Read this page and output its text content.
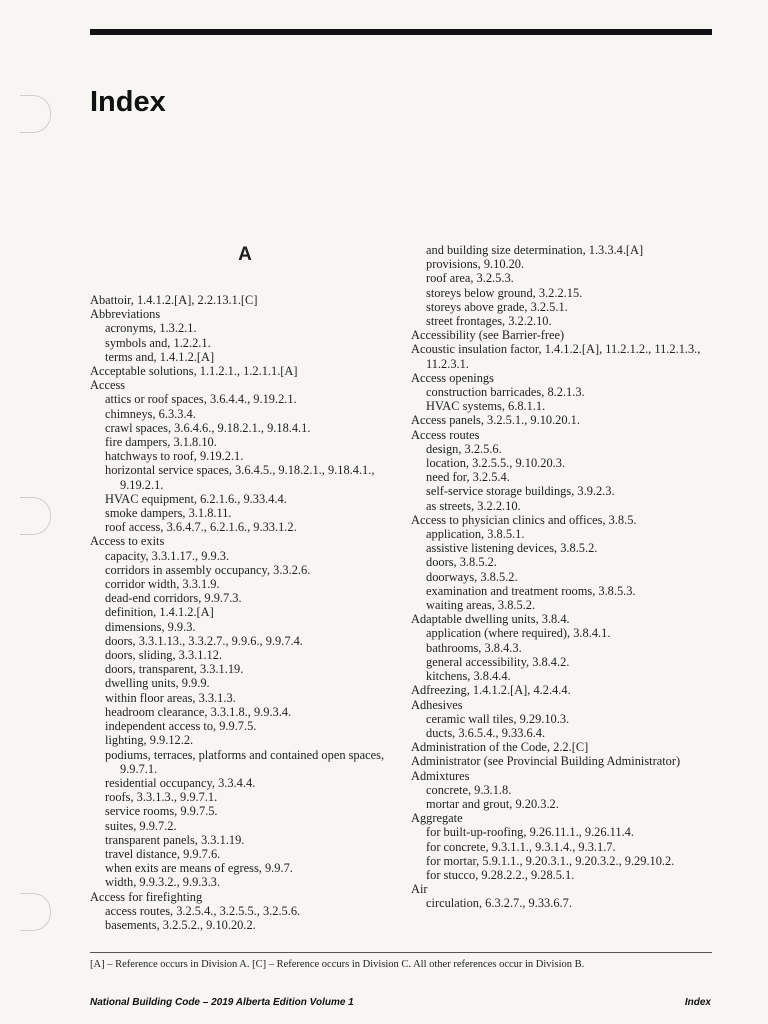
Index
A
Abattoir, 1.4.1.2.[A], 2.2.13.1.[C]
Abbreviations
acronyms, 1.3.2.1.
symbols and, 1.2.2.1.
terms and, 1.4.1.2.[A]
Acceptable solutions, 1.1.2.1., 1.2.1.1.[A]
Access
attics or roof spaces, 3.6.4.4., 9.19.2.1.
chimneys, 6.3.3.4.
crawl spaces, 3.6.4.6., 9.18.2.1., 9.18.4.1.
fire dampers, 3.1.8.10.
hatchways to roof, 9.19.2.1.
horizontal service spaces, 3.6.4.5., 9.18.2.1., 9.18.4.1., 9.19.2.1.
HVAC equipment, 6.2.1.6., 9.33.4.4.
smoke dampers, 3.1.8.11.
roof access, 3.6.4.7., 6.2.1.6., 9.33.1.2.
Access to exits
capacity, 3.3.1.17., 9.9.3.
corridors in assembly occupancy, 3.3.2.6.
corridor width, 3.3.1.9.
dead-end corridors, 9.9.7.3.
definition, 1.4.1.2.[A]
dimensions, 9.9.3.
doors, 3.3.1.13., 3.3.2.7., 9.9.6., 9.9.7.4.
doors, sliding, 3.3.1.12.
doors, transparent, 3.3.1.19.
dwelling units, 9.9.9.
within floor areas, 3.3.1.3.
headroom clearance, 3.3.1.8., 9.9.3.4.
independent access to, 9.9.7.5.
lighting, 9.9.12.2.
podiums, terraces, platforms and contained open spaces, 9.9.7.1.
residential occupancy, 3.3.4.4.
roofs, 3.3.1.3., 9.9.7.1.
service rooms, 9.9.7.5.
suites, 9.9.7.2.
transparent panels, 3.3.1.19.
travel distance, 9.9.7.6.
when exits are means of egress, 9.9.7.
width, 9.9.3.2., 9.9.3.3.
Access for firefighting
access routes, 3.2.5.4., 3.2.5.5., 3.2.5.6.
basements, 3.2.5.2., 9.10.20.2.
and building size determination, 1.3.3.4.[A]
provisions, 9.10.20.
roof area, 3.2.5.3.
storeys below ground, 3.2.2.15.
storeys above grade, 3.2.5.1.
street frontages, 3.2.2.10.
Accessibility (see Barrier-free)
Acoustic insulation factor, 1.4.1.2.[A], 11.2.1.2., 11.2.1.3., 11.2.3.1.
Access openings
construction barricades, 8.2.1.3.
HVAC systems, 6.8.1.1.
Access panels, 3.2.5.1., 9.10.20.1.
Access routes
design, 3.2.5.6.
location, 3.2.5.5., 9.10.20.3.
need for, 3.2.5.4.
self-service storage buildings, 3.9.2.3.
as streets, 3.2.2.10.
Access to physician clinics and offices, 3.8.5.
application, 3.8.5.1.
assistive listening devices, 3.8.5.2.
doors, 3.8.5.2.
doorways, 3.8.5.2.
examination and treatment rooms, 3.8.5.3.
waiting areas, 3.8.5.2.
Adaptable dwelling units, 3.8.4.
application (where required), 3.8.4.1.
bathrooms, 3.8.4.3.
general accessibility, 3.8.4.2.
kitchens, 3.8.4.4.
Adfreezing, 1.4.1.2.[A], 4.2.4.4.
Adhesives
ceramic wall tiles, 9.29.10.3.
ducts, 3.6.5.4., 9.33.6.4.
Administration of the Code, 2.2.[C]
Administrator (see Provincial Building Administrator)
Admixtures
concrete, 9.3.1.8.
mortar and grout, 9.20.3.2.
Aggregate
for built-up-roofing, 9.26.11.1., 9.26.11.4.
for concrete, 9.3.1.1., 9.3.1.4., 9.3.1.7.
for mortar, 5.9.1.1., 9.20.3.1., 9.20.3.2., 9.29.10.2.
for stucco, 9.28.2.2., 9.28.5.1.
Air
circulation, 6.3.2.7., 9.33.6.7.
[A] – Reference occurs in Division A. [C] – Reference occurs in Division C. All other references occur in Division B.
National Building Code – 2019 Alberta Edition Volume 1	Index
